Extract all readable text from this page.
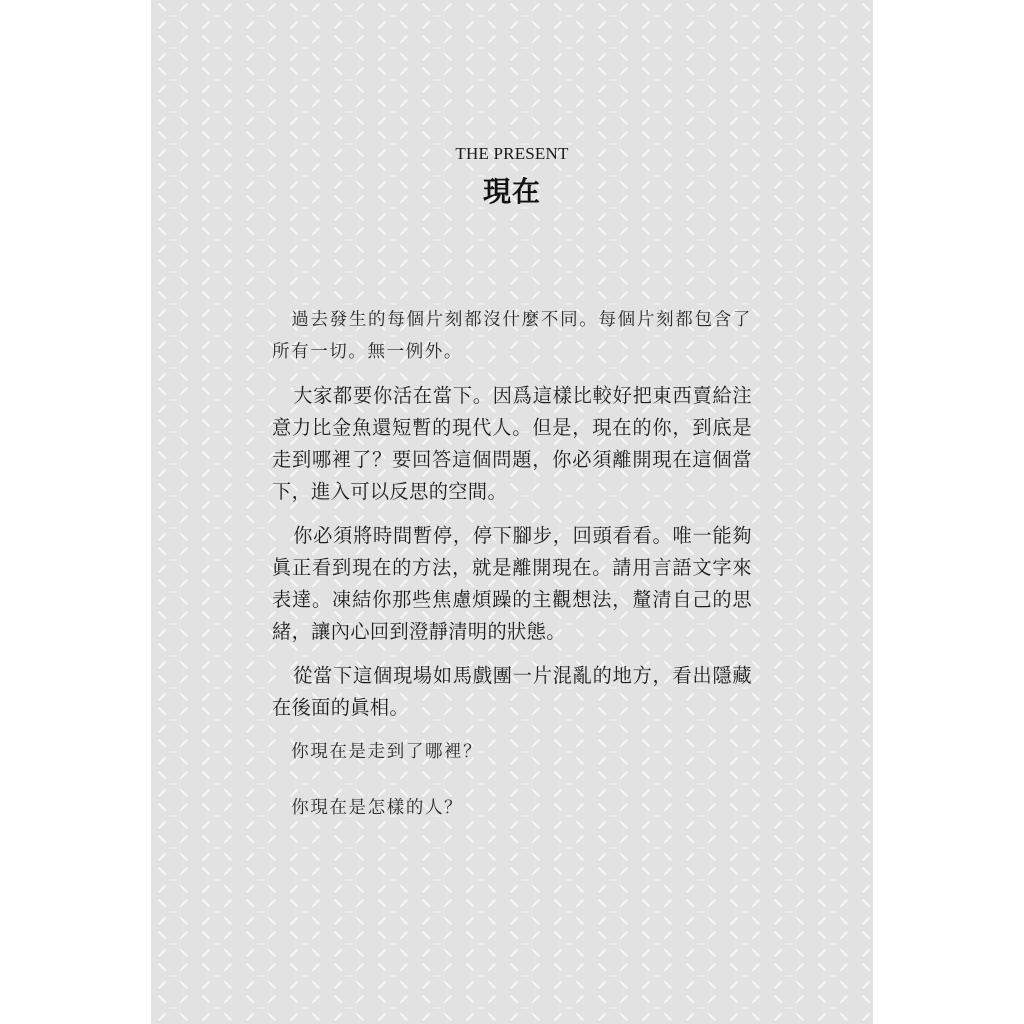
THE PRESENT
現在

過去發生的每個片刻都沒什麼不同。每個片刻都包含了所有一切。無一例外。

大家都要你活在當下。因爲這樣比較好把東西賣給注意力比金魚還短暫的現代人。但是，現在的你，到底是走到哪裡了？要回答這個問題，你必須離開現在這個當下，進入可以反思的空間。

你必須將時間暫停，停下腳步，回頭看看。唯一能夠眞正看到現在的方法，就是離開現在。請用言語文字來表達。凍結你那些焦慮煩躁的主觀想法，釐清自己的思緒，讓內心回到澄靜清明的狀態。

從當下這個現場如馬戲團一片混亂的地方，看出隱藏在後面的眞相。

你現在是走到了哪裡？

你現在是怎樣的人？
